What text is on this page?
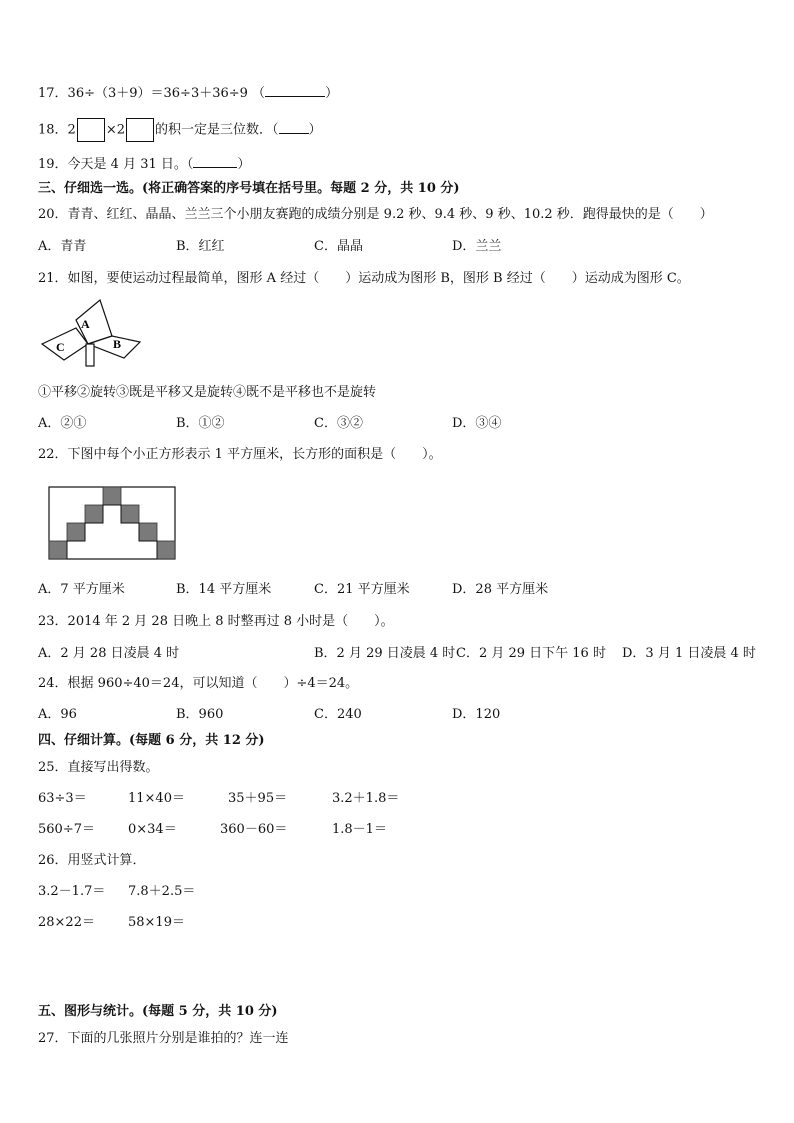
17．36÷（3＋9）＝36÷3＋36÷9 （	）
18．2 ×2 的积一定是三位数．（ ）
19．今天是 4 月 31 日。（	）
三、仔细选一选。(将正确答案的序号填在括号里。每题 2 分，共 10 分)
20．青青、红红、晶晶、兰兰三个小朋友赛跑的成绩分别是 9.2 秒、9.4 秒、9 秒、10.2 秒．跑得最快的是（　　）
A．青青	B．红红	C．晶晶	D．兰兰
21．如图，要使运动过程最简单，图形 A 经过（　　）运动成为图形 B，图形 B 经过（　　）运动成为图形 C。
A
B
C
①平移②旋转③既是平移又是旋转④既不是平移也不是旋转
A．②①	B．①②	C．③②	D．③④
22．下图中每个小正方形表示 1 平方厘米，长方形的面积是（　　）。
A．7 平方厘米	B．14 平方厘米	C．21 平方厘米	D．28 平方厘米
23．2014 年 2 月 28 日晚上 8 时整再过 8 小时是（　　）。
A．2 月 28 日凌晨 4 时	B．2 月 29 日凌晨 4 时 C．2 月 29 日下午 16 时 D．3 月 1 日凌晨 4 时
24．根据 960÷40＝24，可以知道（　　）÷4＝24。
A．96	B．960	C．240	D．120
四、仔细计算。(每题 6 分，共 12 分)
25．直接写出得数。
63÷3＝	11×40＝	35＋95＝	3.2＋1.8＝
560÷7＝	0×34＝	360－60＝	1.8－1＝
26．用竖式计算．
3.2－1.7＝ 7.8＋2.5＝
28×22＝	58×19＝
五、图形与统计。(每题 5 分，共 10 分)
27．下面的几张照片分别是谁拍的？连一连
